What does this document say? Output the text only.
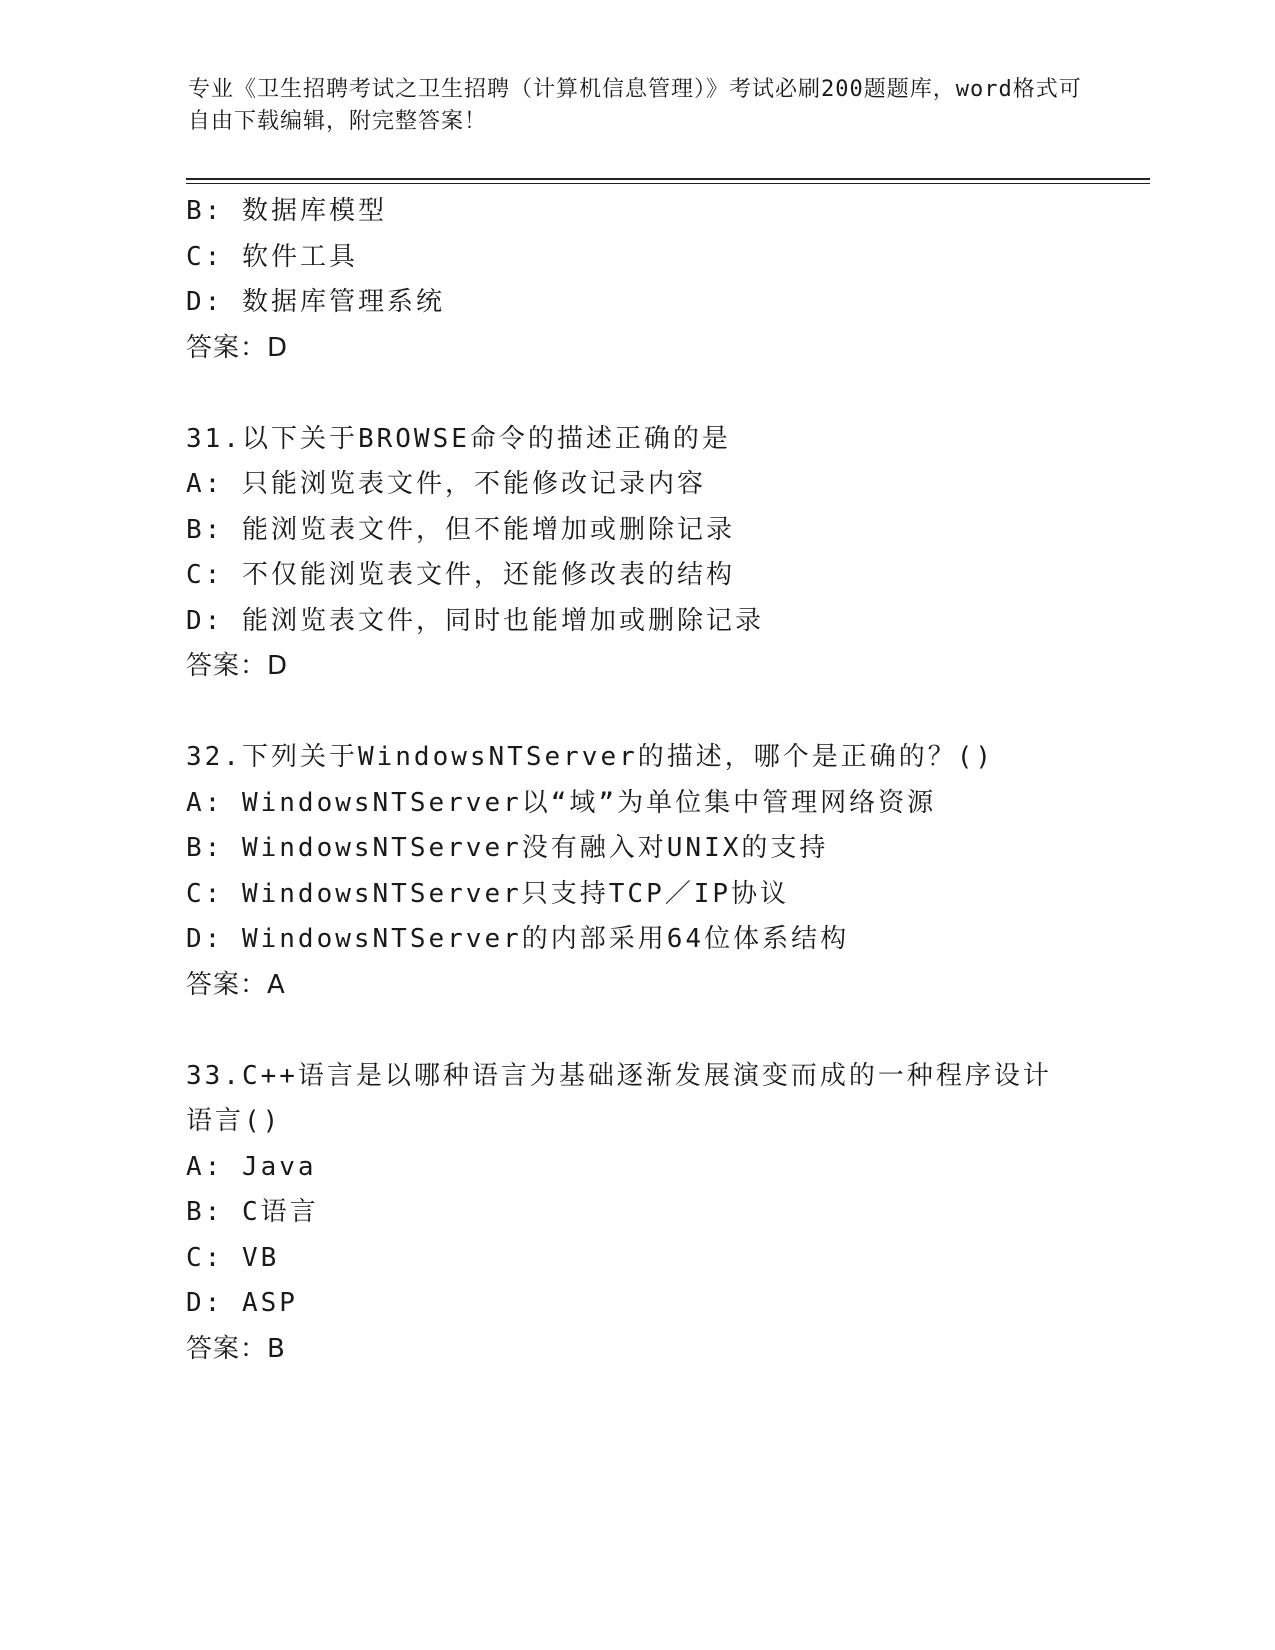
专业《卫生招聘考试之卫生招聘（计算机信息管理）》考试必刷200题题库，word格式可自由下载编辑，附完整答案！
B: 数据库模型
C: 软件工具
D: 数据库管理系统
答案：D
31.以下关于BROWSE命令的描述正确的是
A: 只能浏览表文件，不能修改记录内容
B: 能浏览表文件，但不能增加或删除记录
C: 不仅能浏览表文件，还能修改表的结构
D: 能浏览表文件，同时也能增加或删除记录
答案：D
32.下列关于WindowsNTServer的描述，哪个是正确的？()
A: WindowsNTServer以“域”为单位集中管理网络资源
B: WindowsNTServer没有融入对UNIX的支持
C: WindowsNTServer只支持TCP／IP协议
D: WindowsNTServer的内部采用64位体系结构
答案：A
33.C++语言是以哪种语言为基础逐渐发展演变而成的一种程序设计语言()
A: Java
B: C语言
C: VB
D: ASP
答案：B
